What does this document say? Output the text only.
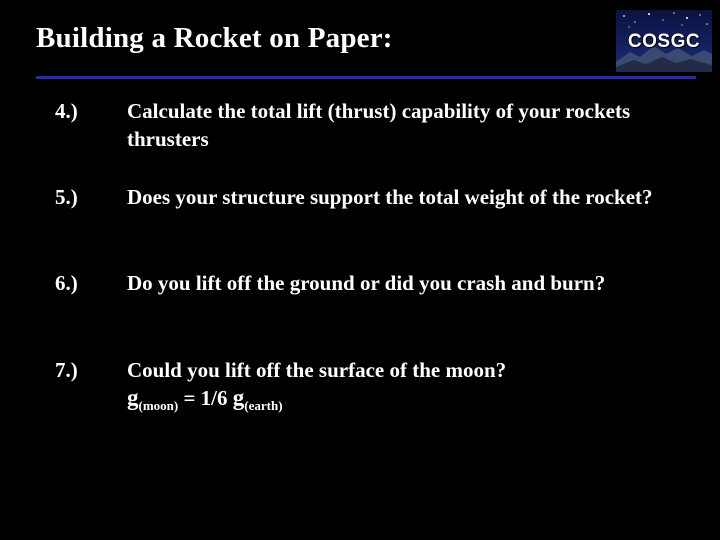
Building a Rocket on Paper:	COSGC
4.) Calculate the total lift (thrust) capability of your rockets thrusters
5.) Does your structure support the total weight of the rocket?
6.) Do you lift off the ground or did you crash and burn?
7.) Could you lift off the surface of the moon?
$g_{(moon)} = 1/6$ $g_{(earth)}$
